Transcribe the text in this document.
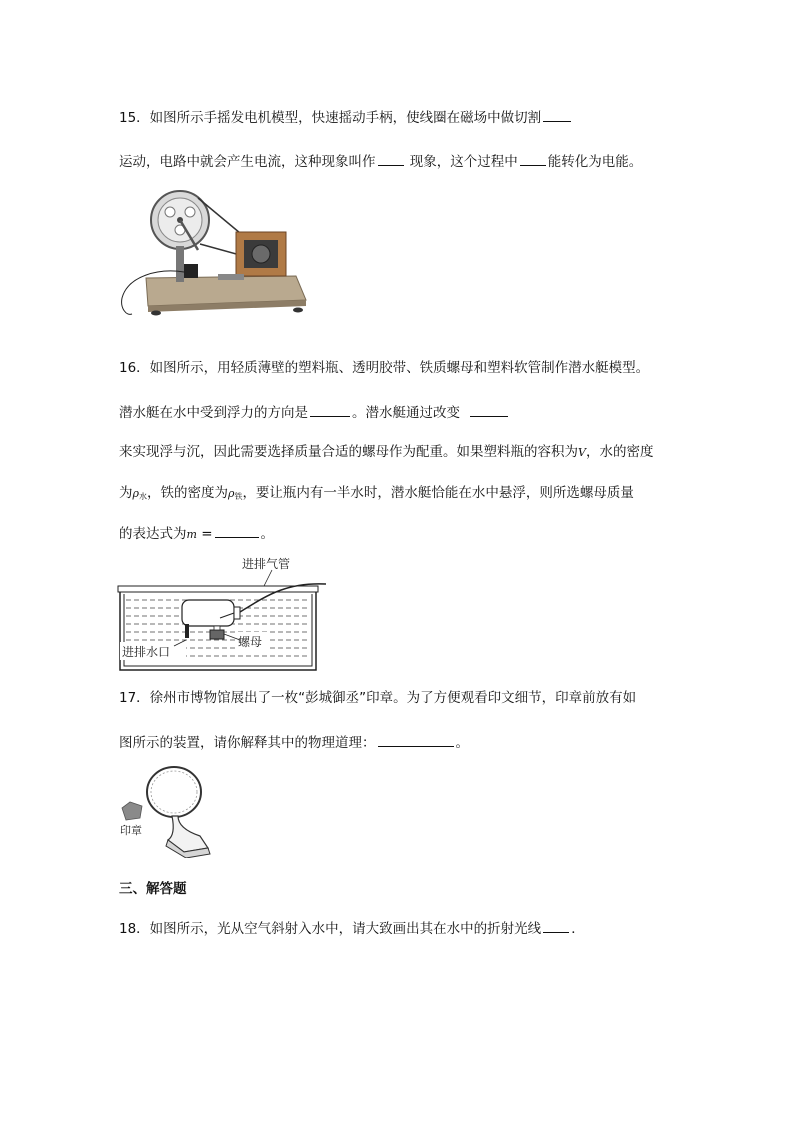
15．如图所示手摇发电机模型，快速摇动手柄，使线圈在磁场中做切割
运动，电路中就会产生电流，这种现象叫作 现象，这个过程中 能转化为电能。
16．如图所示，用轻质薄壁的塑料瓶、透明胶带、铁质螺母和塑料软管制作潜水艇模型。
潜水艇在水中受到浮力的方向是	。潜水艇通过改变
来实现浮与沉，因此需要选择质量合适的螺母作为配重。如果塑料瓶的容积为V，水的密度
为$\rho_水$，铁的密度为$\rho_铁$，要让瓶内有一半水时，潜水艇恰能在水中悬浮，则所选螺母质量
的表达式为m =	。
进排气管
进排水口
螺母
17．徐州市博物馆展出了一枚“彭城御丞”印章。为了方便观看印文细节，印章前放有如
图所示的装置，请你解释其中的物理道理：	。
印章
三、解答题
18．如图所示，光从空气斜射入水中，请大致画出其在水中的折射光线 ．
